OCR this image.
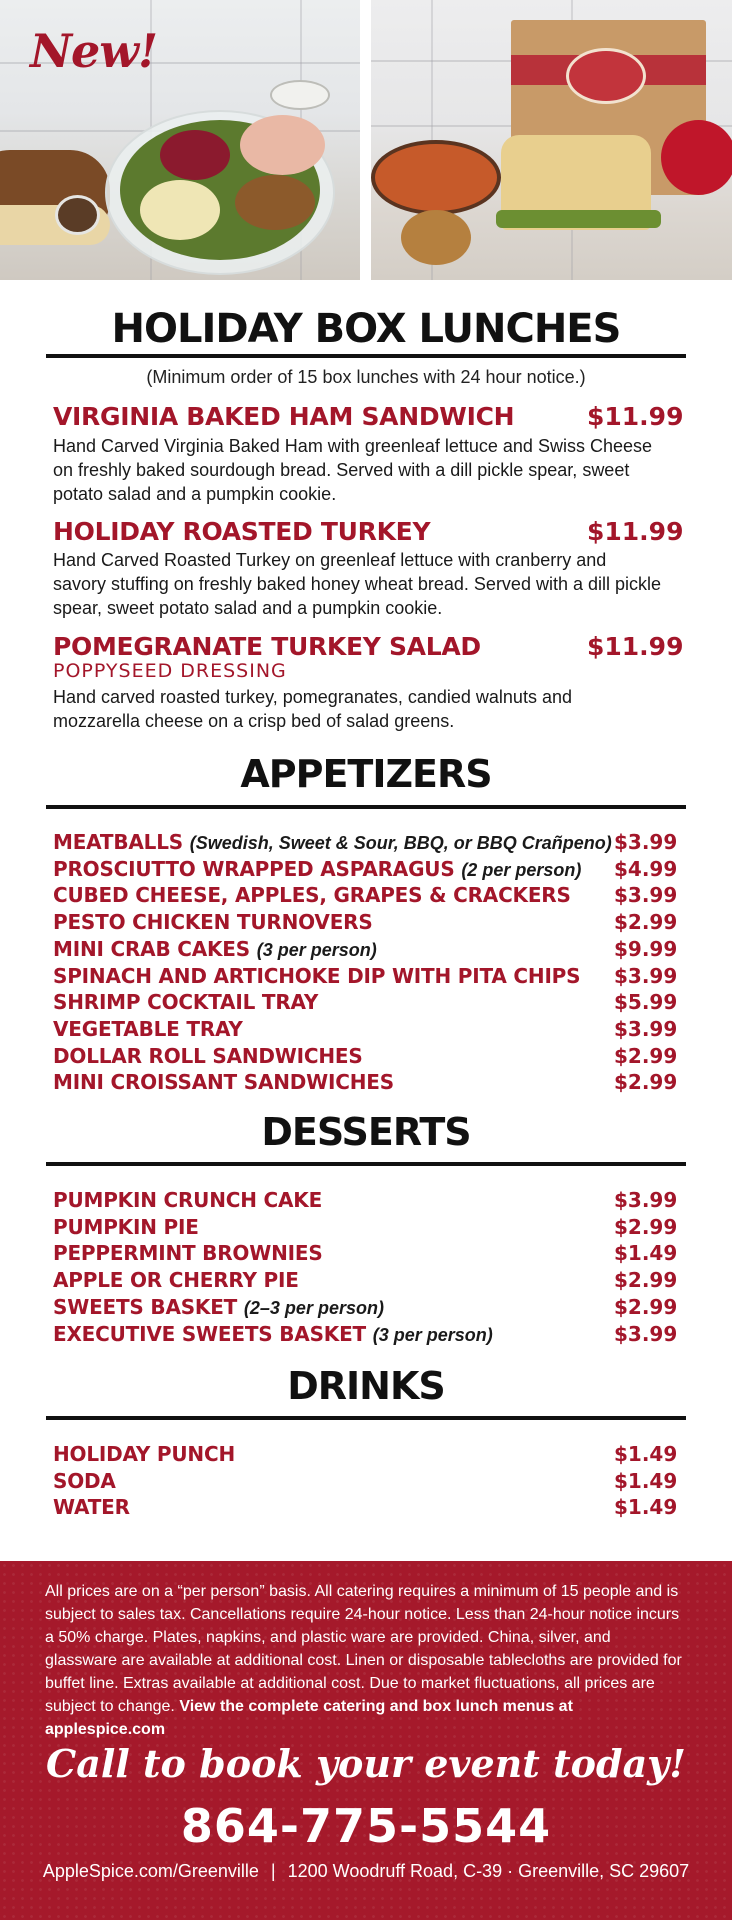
New!
HOLIDAY BOX LUNCHES
(Minimum order of 15 box lunches with 24 hour notice.)
VIRGINIA BAKED HAM SANDWICH	$11.99
Hand Carved Virginia Baked Ham with greenleaf lettuce and Swiss Cheese on freshly baked sourdough bread. Served with a dill pickle spear, sweet potato salad and a pumpkin cookie.
HOLIDAY ROASTED TURKEY	$11.99
Hand Carved Roasted Turkey on greenleaf lettuce with cranberry and savory stuffing on freshly baked honey wheat bread. Served with a dill pickle spear, sweet potato salad and a pumpkin cookie.
POMEGRANATE TURKEY SALAD	$11.99
POPPYSEED DRESSING
Hand carved roasted turkey, pomegranates, candied walnuts and mozzarella cheese on a crisp bed of salad greens.
APPETIZERS
MEATBALLS (Swedish, Sweet & Sour, BBQ, or BBQ Crañpeno) $3.99
PROSCIUTTO WRAPPED ASPARAGUS (2 per person) $4.99
CUBED CHEESE, APPLES, GRAPES & CRACKERS $3.99
PESTO CHICKEN TURNOVERS	$2.99
MINI CRAB CAKES (3 per person)	$9.99
SPINACH AND ARTICHOKE DIP WITH PITA CHIPS $3.99
SHRIMP COCKTAIL TRAY	$5.99
VEGETABLE TRAY	$3.99
DOLLAR ROLL SANDWICHES	$2.99
MINI CROISSANT SANDWICHES	$2.99
DESSERTS
PUMPKIN CRUNCH CAKE	$3.99
PUMPKIN PIE	$2.99
PEPPERMINT BROWNIES	$1.49
APPLE OR CHERRY PIE	$2.99
SWEETS BASKET (2–3 per person)	$2.99
EXECUTIVE SWEETS BASKET (3 per person)	$3.99
DRINKS
HOLIDAY PUNCH	$1.49
SODA	$1.49
WATER	$1.49
All prices are on a “per person” basis. All catering requires a minimum of 15 people and is subject to sales tax. Cancellations require 24-hour notice. Less than 24-hour notice incurs a 50% charge. Plates, napkins, and plastic ware are provided. China, silver, and glassware are available at additional cost. Linen or disposable tablecloths are provided for buffet line. Extras available at additional cost. Due to market fluctuations, all prices are subject to change. View the complete catering and box lunch menus at applespice.com
Call to book your event today!
864-775-5544
AppleSpice.com/Greenville | 1200 Woodruff Road, C-39 · Greenville, SC 29607
